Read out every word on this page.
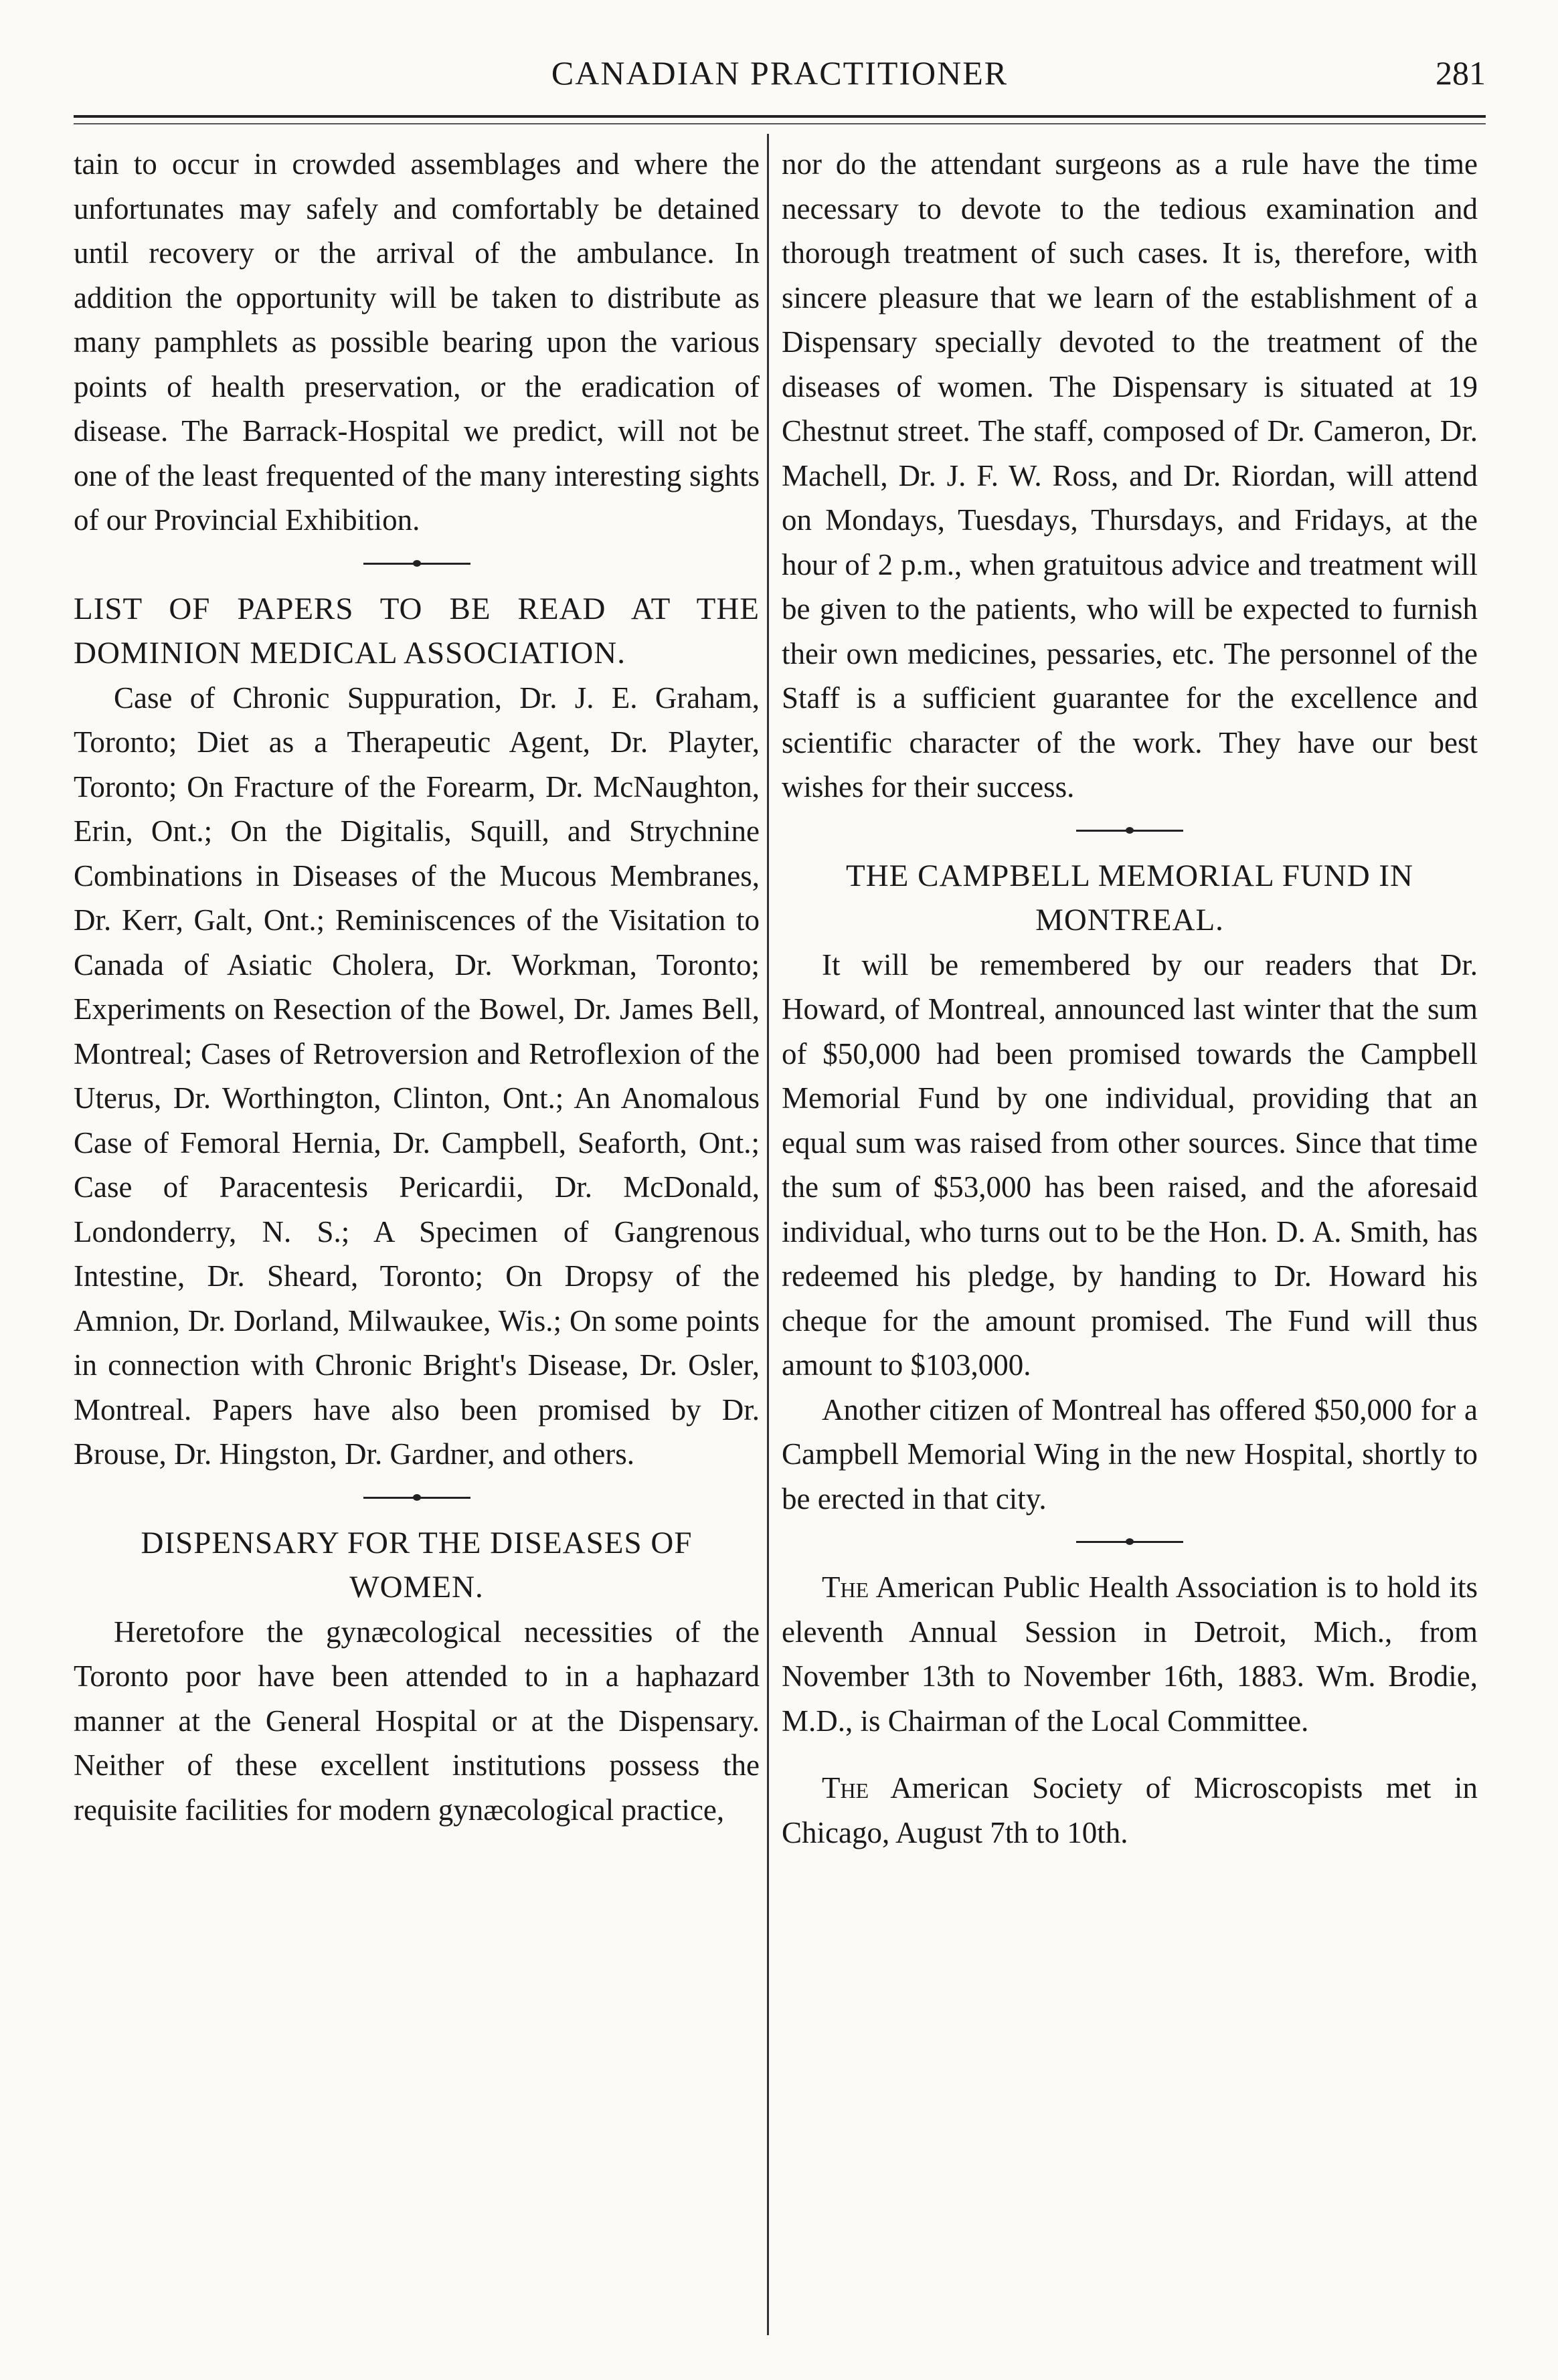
CANADIAN PRACTITIONER	281

tain to occur in crowded assemblages and where the unfortunates may safely and comfortably be detained until recovery or the arrival of the ambulance. In addition the opportunity will be taken to distribute as many pamphlets as possible bearing upon the various points of health preservation, or the eradication of disease. The Barrack-Hospital we predict, will not be one of the least frequented of the many interesting sights of our Provincial Exhibition.

LIST OF PAPERS TO BE READ AT THE DOMINION MEDICAL ASSOCIATION.

Case of Chronic Suppuration, Dr. J. E. Graham, Toronto; Diet as a Therapeutic Agent, Dr. Playter, Toronto; On Fracture of the Forearm, Dr. McNaughton, Erin, Ont.; On the Digitalis, Squill, and Strychnine Combinations in Diseases of the Mucous Membranes, Dr. Kerr, Galt, Ont.; Reminiscences of the Visitation to Canada of Asiatic Cholera, Dr. Workman, Toronto; Experiments on Resection of the Bowel, Dr. James Bell, Montreal; Cases of Retroversion and Retroflexion of the Uterus, Dr. Worthington, Clinton, Ont.; An Anomalous Case of Femoral Hernia, Dr. Campbell, Seaforth, Ont.; Case of Paracentesis Pericardii, Dr. McDonald, Londonderry, N. S.; A Specimen of Gangrenous Intestine, Dr. Sheard, Toronto; On Dropsy of the Amnion, Dr. Dorland, Milwaukee, Wis.; On some points in connection with Chronic Bright's Disease, Dr. Osler, Montreal. Papers have also been promised by Dr. Brouse, Dr. Hingston, Dr. Gardner, and others.

DISPENSARY FOR THE DISEASES OF WOMEN.

Heretofore the gynæcological necessities of the Toronto poor have been attended to in a haphazard manner at the General Hospital or at the Dispensary. Neither of these excellent institutions possess the requisite facilities for modern gynæcological practice,

nor do the attendant surgeons as a rule have the time necessary to devote to the tedious examination and thorough treatment of such cases. It is, therefore, with sincere pleasure that we learn of the establishment of a Dispensary specially devoted to the treatment of the diseases of women. The Dispensary is situated at 19 Chestnut street. The staff, composed of Dr. Cameron, Dr. Machell, Dr. J. F. W. Ross, and Dr. Riordan, will attend on Mondays, Tuesdays, Thursdays, and Fridays, at the hour of 2 p.m., when gratuitous advice and treatment will be given to the patients, who will be expected to furnish their own medicines, pessaries, etc. The personnel of the Staff is a sufficient guarantee for the excellence and scientific character of the work. They have our best wishes for their success.

THE CAMPBELL MEMORIAL FUND IN MONTREAL.

It will be remembered by our readers that Dr. Howard, of Montreal, announced last winter that the sum of $50,000 had been promised towards the Campbell Memorial Fund by one individual, providing that an equal sum was raised from other sources. Since that time the sum of $53,000 has been raised, and the aforesaid individual, who turns out to be the Hon. D. A. Smith, has redeemed his pledge, by handing to Dr. Howard his cheque for the amount promised. The Fund will thus amount to $103,000.

Another citizen of Montreal has offered $50,000 for a Campbell Memorial Wing in the new Hospital, shortly to be erected in that city.

The American Public Health Association is to hold its eleventh Annual Session in Detroit, Mich., from November 13th to November 16th, 1883. Wm. Brodie, M.D., is Chairman of the Local Committee.

The American Society of Microscopists met in Chicago, August 7th to 10th.
